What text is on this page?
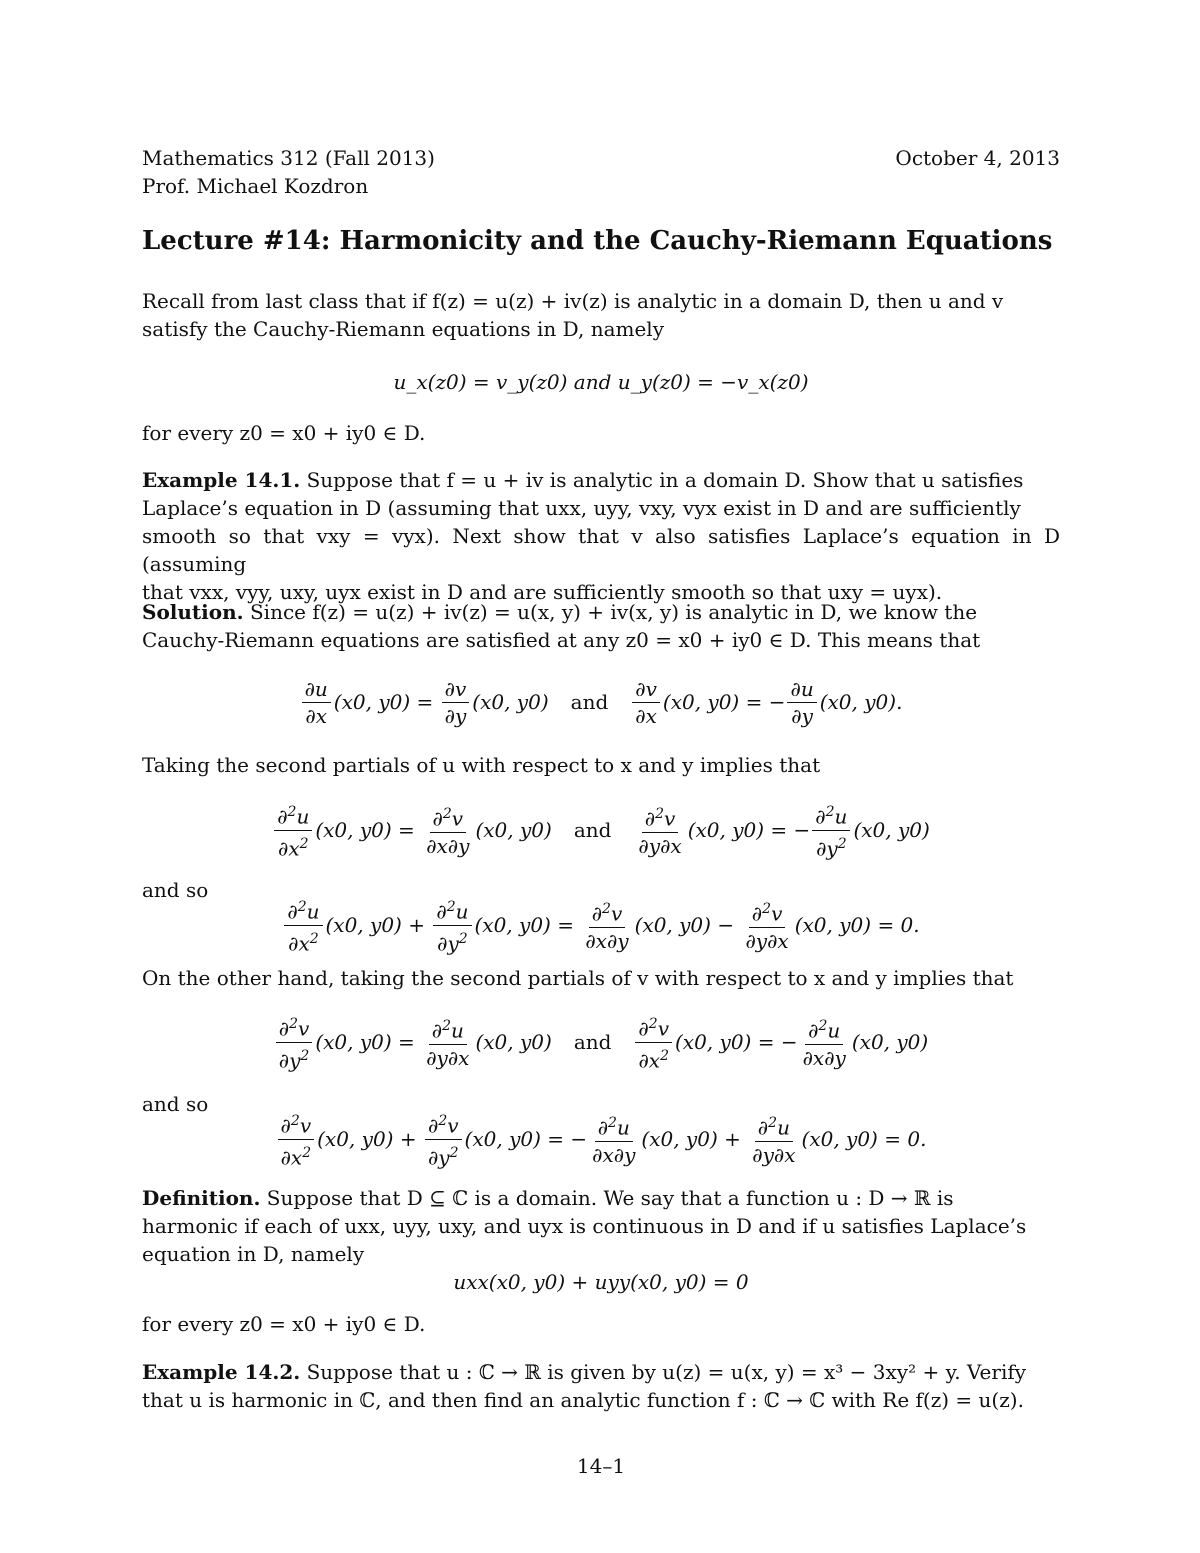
Mathematics 312 (Fall 2013)	October 4, 2013
Prof. Michael Kozdron
Lecture #14: Harmonicity and the Cauchy-Riemann Equations
Recall from last class that if f(z) = u(z) + iv(z) is analytic in a domain D, then u and v
satisfy the Cauchy-Riemann equations in D, namely
u_x(z0) = v_y(z0) and u_y(z0) = −v_x(z0)
for every z0 = x0 + iy0 ∈ D.
Example 14.1. Suppose that f = u + iv is analytic in a domain D. Show that u satisfies
Laplace’s equation in D (assuming that uxx, uyy, vxy, vyx exist in D and are sufficiently
smooth so that vxy = vyx). Next show that v also satisfies Laplace’s equation in D (assuming
that vxx, vyy, uxy, uyx exist in D and are sufficiently smooth so that uxy = uyx).
Solution. Since f(z) = u(z) + iv(z) = u(x, y) + iv(x, y) is analytic in D, we know the
Cauchy-Riemann equations are satisfied at any z0 = x0 + iy0 ∈ D. This means that
$\frac{\partial u}{\partial x} (x0$, $y0) = \frac{\partial v}{\partial y} (x0$, y0) and $\frac{\partial v}{\partial x} (x0$, y0) = − $\frac{\partial u}{\partial y} (x0$, y0) .
Taking the second partials of u with respect to x and y implies that
$\frac{\partial^2u}{\partial x^2} (x0$, $y0) = \frac{\partial^2v}{\partial x\partial y} (x0$, y0) and $\frac{\partial^2v}{\partial y\partial x} (x0$, y0) = − $\frac{\partial^2u}{\partial y^2} (x0$, y0)
and so
$\frac{\partial^2u}{\partial x^2} (x0$, $y0) + \frac{\partial^2u}{\partial y^2} (x0$, $y0) = \frac{\partial^2v}{\partial x\partial y} (x0$, $y0) - \frac{\partial^2v}{\partial y\partial x} (x0$, y0)
= 0.
On the other hand, taking the second partials of v with respect to x and y implies that
$\frac{\partial^2v}{\partial y^2} (x0$, $y0) = \frac{\partial^2u}{\partial y\partial x} (x0$, y0) and $\frac{\partial^2v}{\partial x^2} (x0$, y0) = − $\frac{\partial^2u}{\partial x\partial y} (x0$, y0)
and so
$\frac{\partial^2v}{\partial x^2} (x0$, $y0) + \frac{\partial^2v}{\partial y^2} (x0$, y0) = − $\frac{\partial^2u}{\partial x\partial y} (x0$, $y0) + \frac{\partial^2u}{\partial y\partial x} (x0$, y0)
= 0.
Definition. Suppose that D ⊆ ℂ is a domain. We say that a function u : D → ℝ is
harmonic if each of uxx, uyy, uxy, and uyx is continuous in D and if u satisfies Laplace’s
equation in D, namely
uxx(x0, y0) + uyy(x0, y0) = 0
for every z0 = x0 + iy0 ∈ D.
Example 14.2. Suppose that u : ℂ → ℝ is given by u(z) = u(x, y) = x³ − 3xy² + y. Verify
that u is harmonic in ℂ, and then find an analytic function f : ℂ → ℂ with Re f(z) = u(z).
14–1
